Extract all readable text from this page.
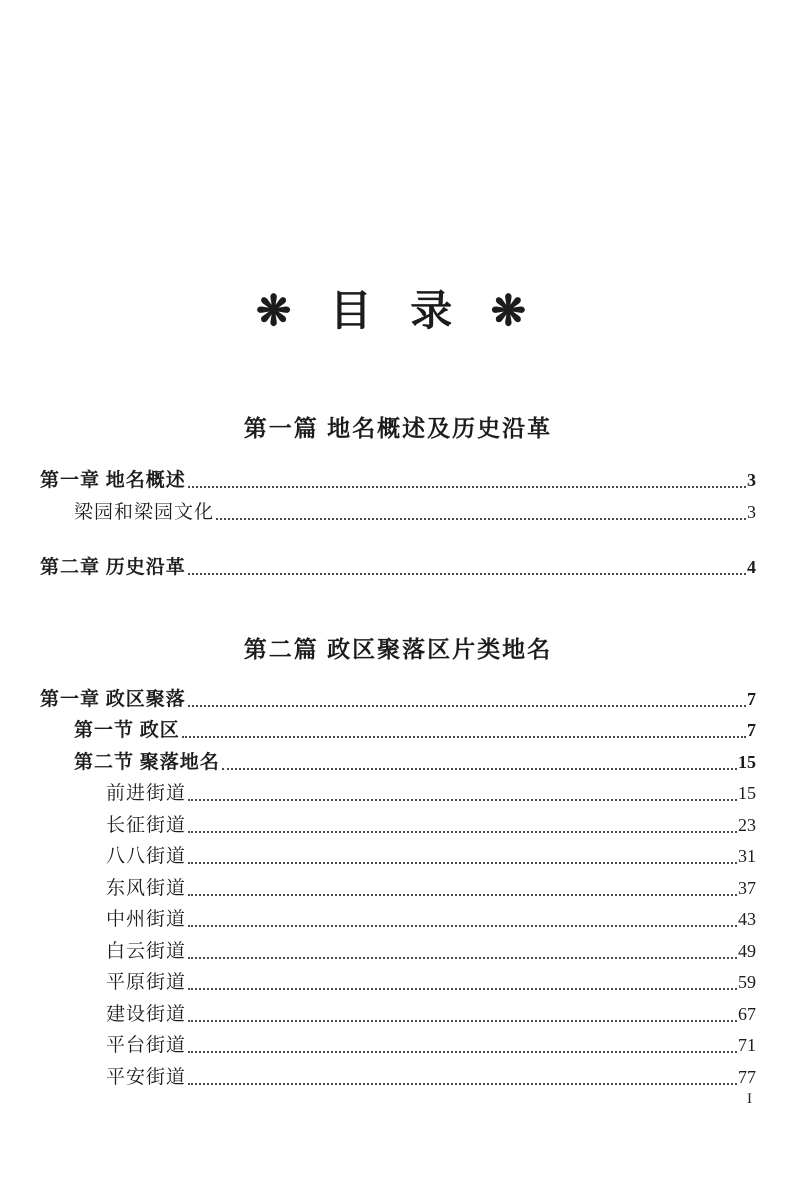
❋ 目 录 ❋
第一篇 地名概述及历史沿革
第一章 地名概述	3
梁园和梁园文化	3
第二章 历史沿革	4
第二篇 政区聚落区片类地名
第一章 政区聚落	7
第一节 政区	7
第二节 聚落地名	15
前进街道	15
长征街道	23
八八街道	31
东风街道	37
中州街道	43
白云街道	49
平原街道	59
建设街道	67
平台街道	71
平安街道	77
I
